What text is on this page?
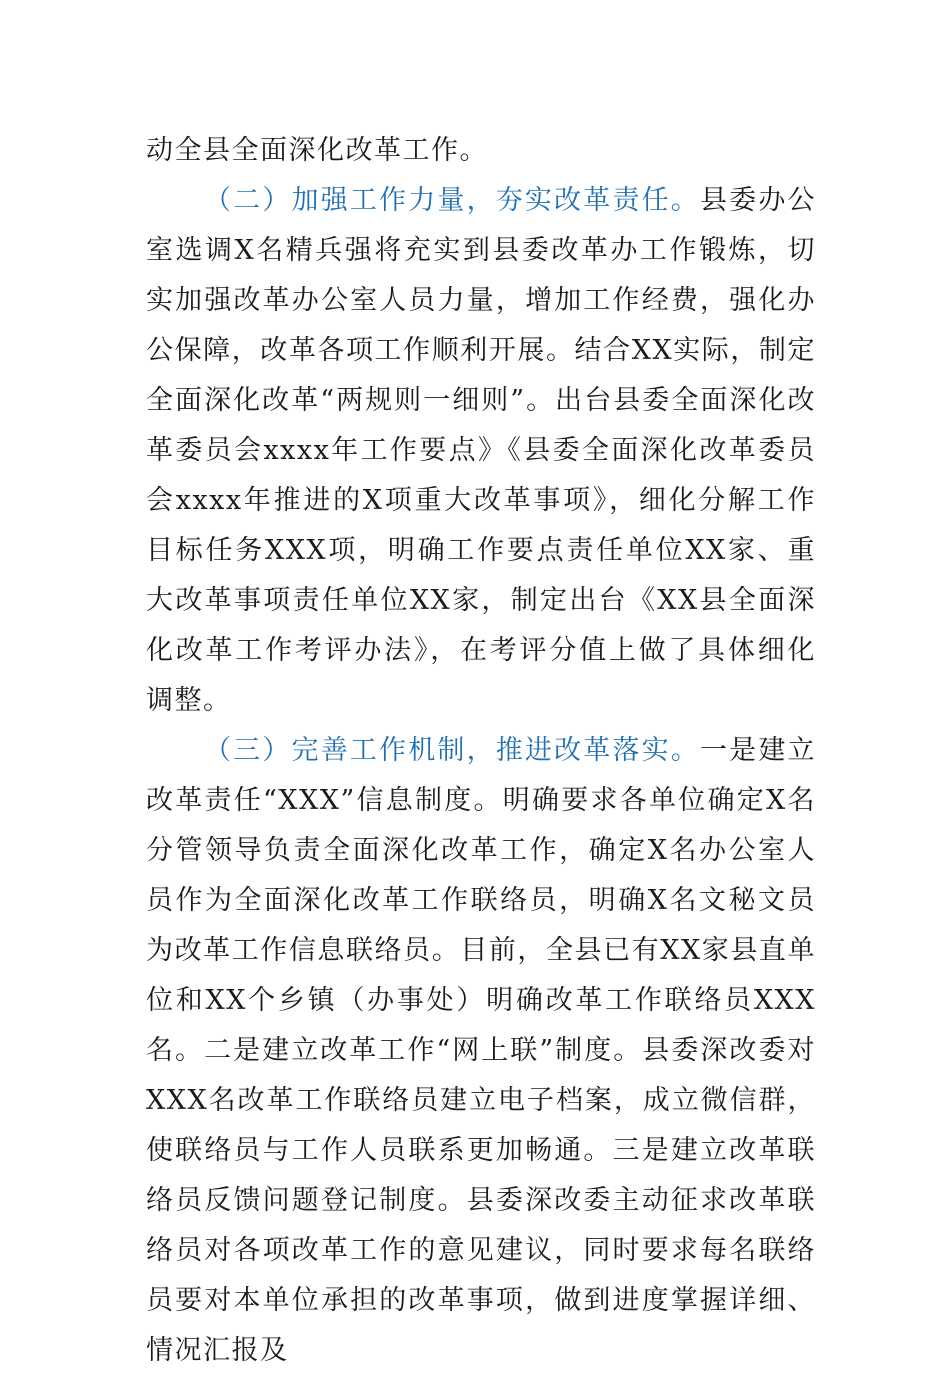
动全县全面深化改革工作。

（二）加强工作力量，夯实改革责任。县委办公室选调X名精兵强将充实到县委改革办工作锻炼，切实加强改革办公室人员力量，增加工作经费，强化办公保障，改革各项工作顺利开展。结合XX实际，制定全面深化改革“两规则一细则”。出台县委全面深化改革委员会xxxx年工作要点》《县委全面深化改革委员会xxxx年推进的X项重大改革事项》，细化分解工作目标任务XXX项，明确工作要点责任单位XX家、重大改革事项责任单位XX家，制定出台《XX县全面深化改革工作考评办法》，在考评分值上做了具体细化调整。

（三）完善工作机制，推进改革落实。一是建立改革责任“XXX”信息制度。明确要求各单位确定X名分管领导负责全面深化改革工作，确定X名办公室人员作为全面深化改革工作联络员，明确X名文秘文员为改革工作信息联络员。目前，全县已有XX家县直单位和XX个乡镇（办事处）明确改革工作联络员XXX名。二是建立改革工作“网上联”制度。县委深改委对XXX名改革工作联络员建立电子档案，成立微信群，使联络员与工作人员联系更加畅通。三是建立改革联络员反馈问题登记制度。县委深改委主动征求改革联络员对各项改革工作的意见建议，同时要求每名联络员要对本单位承担的改革事项，做到进度掌握详细、情况汇报及
